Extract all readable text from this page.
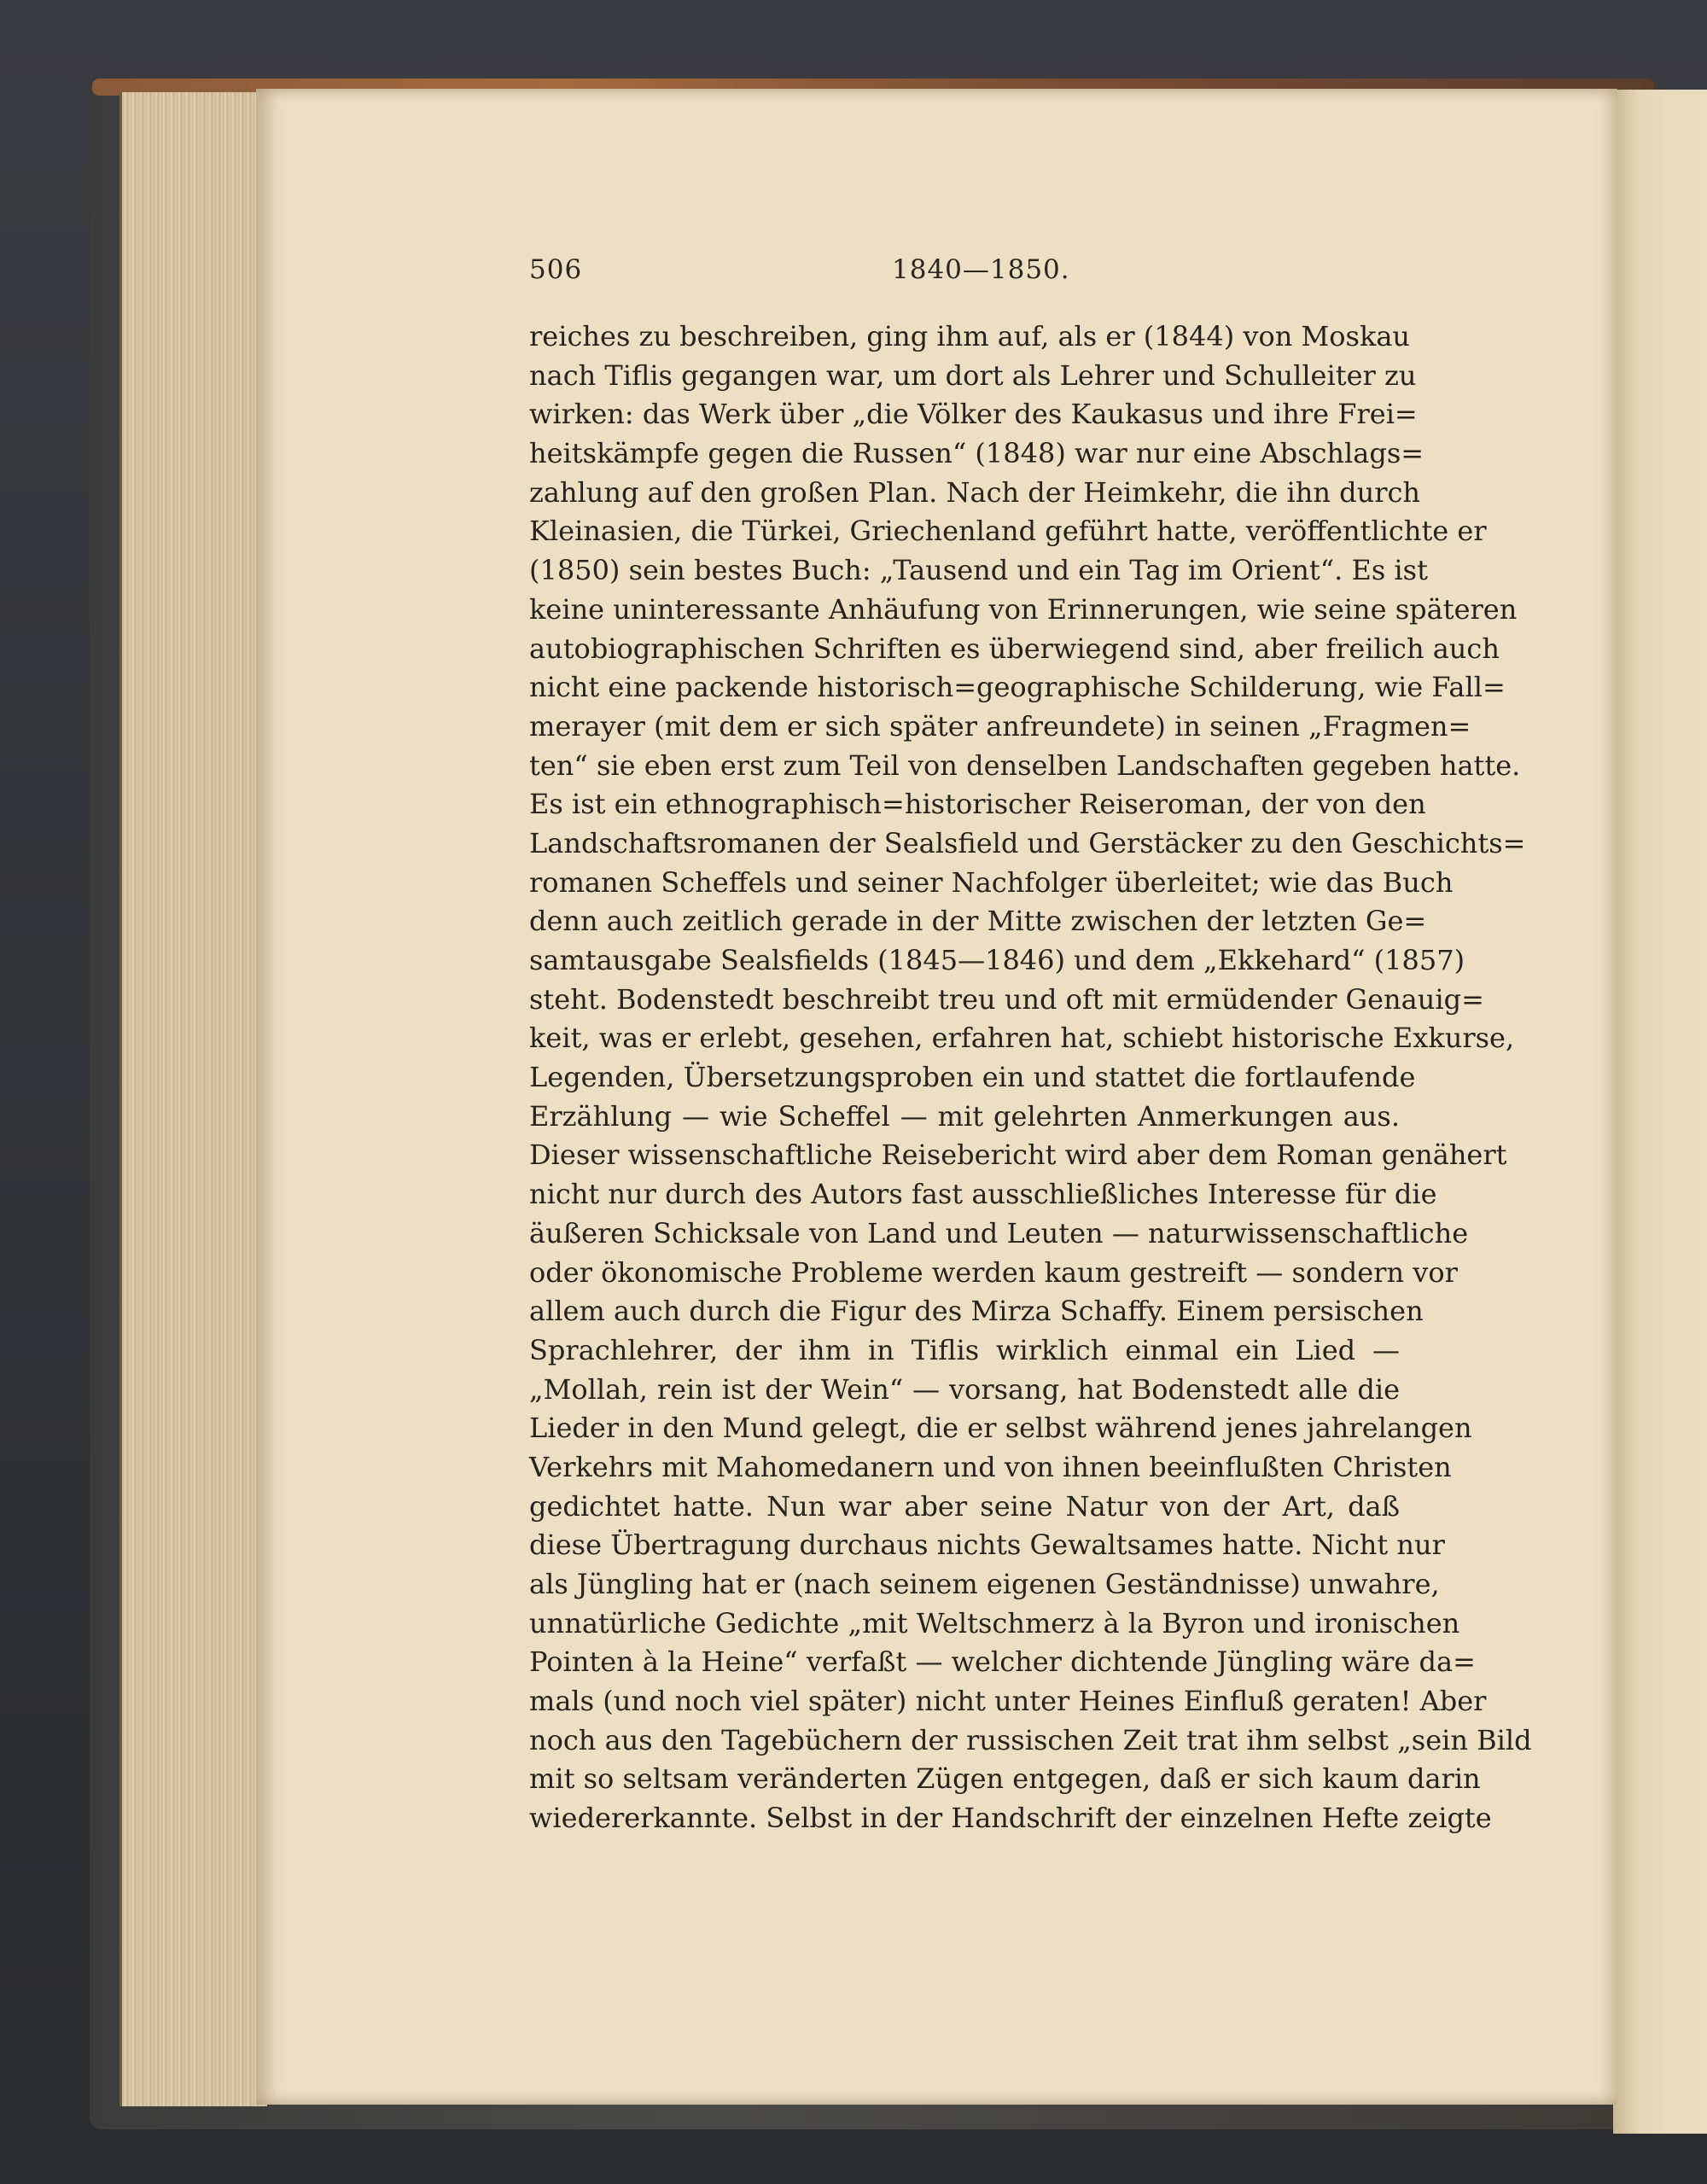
506	1840—1850.
reiches zu beschreiben, ging ihm auf, als er (1844) von Moskau
nach Tiflis gegangen war, um dort als Lehrer und Schulleiter zu
wirken: das Werk über „die Völker des Kaukasus und ihre Frei=
heitskämpfe gegen die Russen“ (1848) war nur eine Abschlags=
zahlung auf den großen Plan. Nach der Heimkehr, die ihn durch
Kleinasien, die Türkei, Griechenland geführt hatte, veröffentlichte er
(1850) sein bestes Buch: „Tausend und ein Tag im Orient“. Es ist
keine uninteressante Anhäufung von Erinnerungen, wie seine späteren
autobiographischen Schriften es überwiegend sind, aber freilich auch
nicht eine packende historisch=geographische Schilderung, wie Fall=
merayer (mit dem er sich später anfreundete) in seinen „Fragmen=
ten“ sie eben erst zum Teil von denselben Landschaften gegeben hatte.
Es ist ein ethnographisch=historischer Reiseroman, der von den
Landschaftsromanen der Sealsfield und Gerstäcker zu den Geschichts=
romanen Scheffels und seiner Nachfolger überleitet; wie das Buch
denn auch zeitlich gerade in der Mitte zwischen der letzten Ge=
samtausgabe Sealsfields (1845—1846) und dem „Ekkehard“ (1857)
steht. Bodenstedt beschreibt treu und oft mit ermüdender Genauig=
keit, was er erlebt, gesehen, erfahren hat, schiebt historische Exkurse,
Legenden, Übersetzungsproben ein und stattet die fortlaufende
Erzählung — wie Scheffel — mit gelehrten Anmerkungen aus.
Dieser wissenschaftliche Reisebericht wird aber dem Roman genähert
nicht nur durch des Autors fast ausschließliches Interesse für die
äußeren Schicksale von Land und Leuten — naturwissenschaftliche
oder ökonomische Probleme werden kaum gestreift — sondern vor
allem auch durch die Figur des Mirza Schaffy. Einem persischen
Sprachlehrer, der ihm in Tiflis wirklich einmal ein Lied —
„Mollah, rein ist der Wein“ — vorsang, hat Bodenstedt alle die
Lieder in den Mund gelegt, die er selbst während jenes jahrelangen
Verkehrs mit Mahomedanern und von ihnen beeinflußten Christen
gedichtet hatte. Nun war aber seine Natur von der Art, daß
diese Übertragung durchaus nichts Gewaltsames hatte. Nicht nur
als Jüngling hat er (nach seinem eigenen Geständnisse) unwahre,
unnatürliche Gedichte „mit Weltschmerz à la Byron und ironischen
Pointen à la Heine“ verfaßt — welcher dichtende Jüngling wäre da=
mals (und noch viel später) nicht unter Heines Einfluß geraten! Aber
noch aus den Tagebüchern der russischen Zeit trat ihm selbst „sein Bild
mit so seltsam veränderten Zügen entgegen, daß er sich kaum darin
wiedererkannte. Selbst in der Handschrift der einzelnen Hefte zeigte
